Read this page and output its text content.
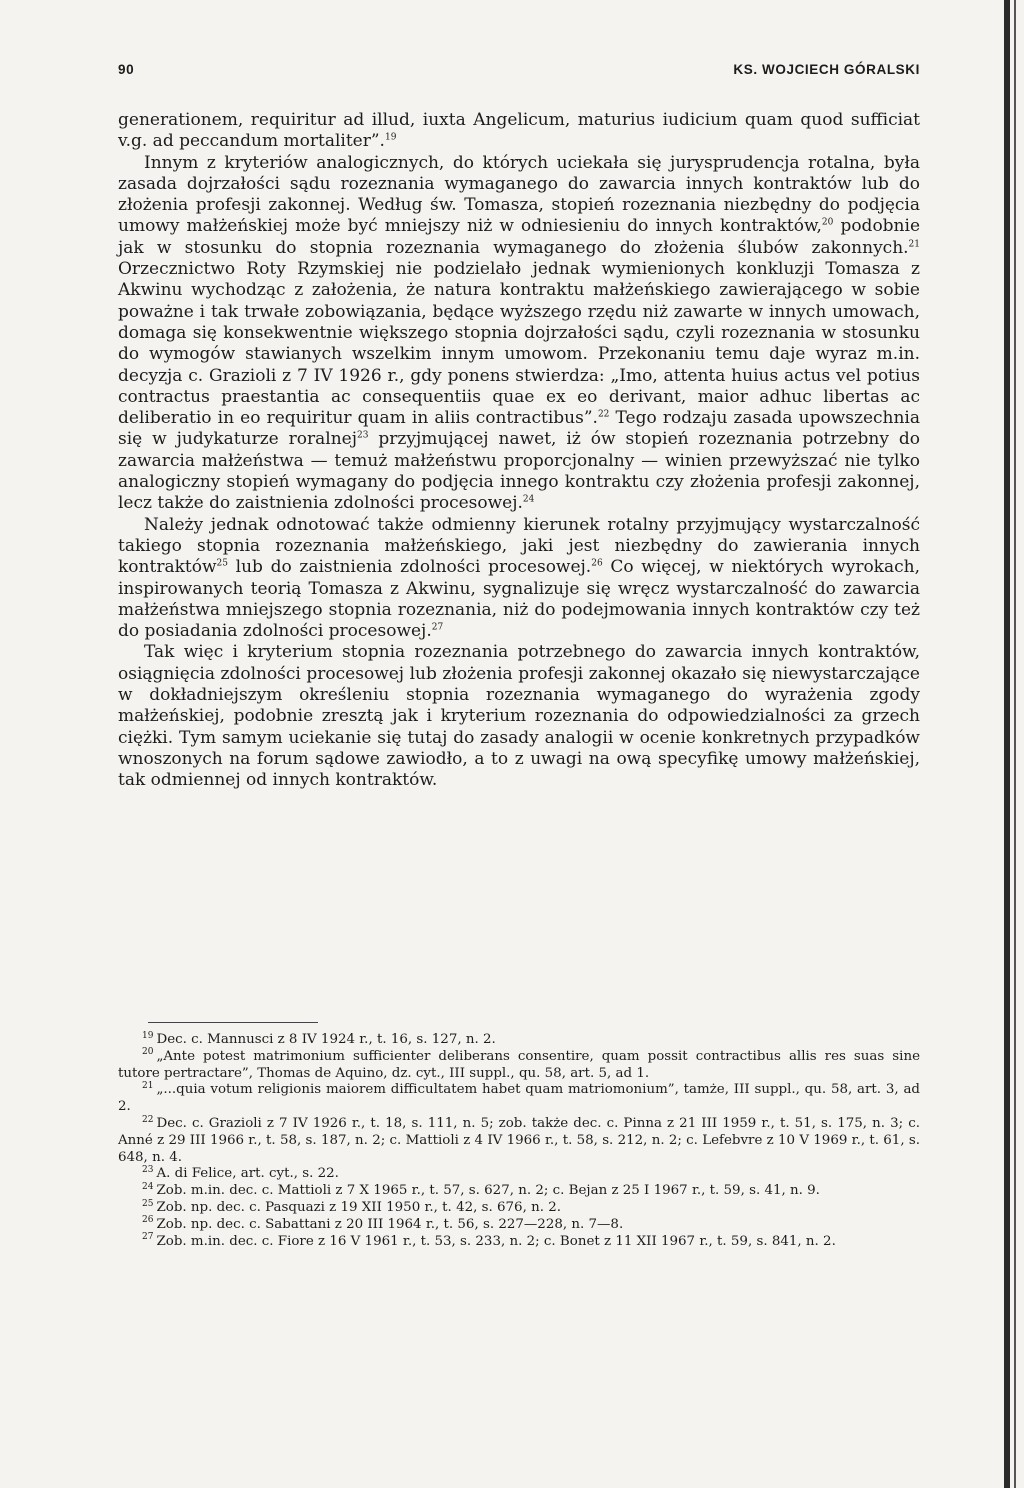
90	KS. WOJCIECH GÓRALSKI

generationem, requiritur ad illud, iuxta Angelicum, maturius iudicium quam quod sufficiat v.g. ad peccandum mortaliter”.$^{19}$

Innym z kryteriów analogicznych, do których uciekała się jurysprudencja rotalna, była zasada dojrzałości sądu rozeznania wymaganego do zawarcia innych kontraktów lub do złożenia profesji zakonnej. Według św. Tomasza, stopień rozeznania niezbędny do podjęcia umowy małżeńskiej może być mniejszy niż w odniesieniu do innych kontraktów,$^{20}$ podobnie jak w stosunku do stopnia rozeznania wymaganego do złożenia ślubów zakonnych.$^{21}$ Orzecznictwo Roty Rzymskiej nie podzielało jednak wymienionych konkluzji Tomasza z Akwinu wychodząc z założenia, że natura kontraktu małżeńskiego zawierającego w sobie poważne i tak trwałe zobowiązania, będące wyższego rzędu niż zawarte w innych umowach, domaga się konsekwentnie większego stopnia dojrzałości sądu, czyli rozeznania w stosunku do wymogów stawianych wszelkim innym umowom. Przekonaniu temu daje wyraz m.in. decyzja c. Grazioli z 7 IV 1926 r., gdy ponens stwierdza: „Imo, attenta huius actus vel potius contractus praestantia ac consequentiis quae ex eo derivant, maior adhuc libertas ac deliberatio in eo requiritur quam in aliis contractibus”.$^{22}$ Tego rodzaju zasada upowszechnia się w judykaturze roralnej$^{23}$ przyjmującej nawet, iż ów stopień rozeznania potrzebny do zawarcia małżeństwa — temuż małżeństwu proporcjonalny — winien przewyższać nie tylko analogiczny stopień wymagany do podjęcia innego kontraktu czy złożenia profesji zakonnej, lecz także do zaistnienia zdolności procesowej.$^{24}$

Należy jednak odnotować także odmienny kierunek rotalny przyjmujący wystarczalność takiego stopnia rozeznania małżeńskiego, jaki jest niezbędny do zawierania innych kontraktów$^{25}$ lub do zaistnienia zdolności procesowej.$^{26}$ Co więcej, w niektórych wyrokach, inspirowanych teorią Tomasza z Akwinu, sygnalizuje się wręcz wystarczalność do zawarcia małżeństwa mniejszego stopnia rozeznania, niż do podejmowania innych kontraktów czy też do posiadania zdolności procesowej.$^{27}$

Tak więc i kryterium stopnia rozeznania potrzebnego do zawarcia innych kontraktów, osiągnięcia zdolności procesowej lub złożenia profesji zakonnej okazało się niewystarczające w dokładniejszym określeniu stopnia rozeznania wymaganego do wyrażenia zgody małżeńskiej, podobnie zresztą jak i kryterium rozeznania do odpowiedzialności za grzech ciężki. Tym samym uciekanie się tutaj do zasady analogii w ocenie konkretnych przypadków wnoszonych na forum sądowe zawiodło, a to z uwagi na ową specyfikę umowy małżeńskiej, tak odmiennej od innych kontraktów.

$^{19}$ Dec. c. Mannusci z 8 IV 1924 r., t. 16, s. 127, n. 2.

$^{20}$ „Ante potest matrimonium sufficienter deliberans consentire, quam possit contractibus allis res suas sine tutore pertractare”, Thomas de Aquino, dz. cyt., III suppl., qu. 58, art. 5, ad 1.

$^{21}$ „...quia votum religionis maiorem difficultatem habet quam matriomonium”, tamże, III suppl., qu. 58, art. 3, ad 2.

$^{22}$ Dec. c. Grazioli z 7 IV 1926 r., t. 18, s. 111, n. 5; zob. także dec. c. Pinna z 21 III 1959 r., t. 51, s. 175, n. 3; c. Anné z 29 III 1966 r., t. 58, s. 187, n. 2; c. Mattioli z 4 IV 1966 r., t. 58, s. 212, n. 2; c. Lefebvre z 10 V 1969 r., t. 61, s. 648, n. 4.

$^{23}$ A. di Felice, art. cyt., s. 22.

$^{24}$ Zob. m.in. dec. c. Mattioli z 7 X 1965 r., t. 57, s. 627, n. 2; c. Bejan z 25 I 1967 r., t. 59, s. 41, n. 9.

$^{25}$ Zob. np. dec. c. Pasquazi z 19 XII 1950 r., t. 42, s. 676, n. 2.

$^{26}$ Zob. np. dec. c. Sabattani z 20 III 1964 r., t. 56, s. 227—228, n. 7—8.

$^{27}$ Zob. m.in. dec. c. Fiore z 16 V 1961 r., t. 53, s. 233, n. 2; c. Bonet z 11 XII 1967 r., t. 59, s. 841, n. 2.
